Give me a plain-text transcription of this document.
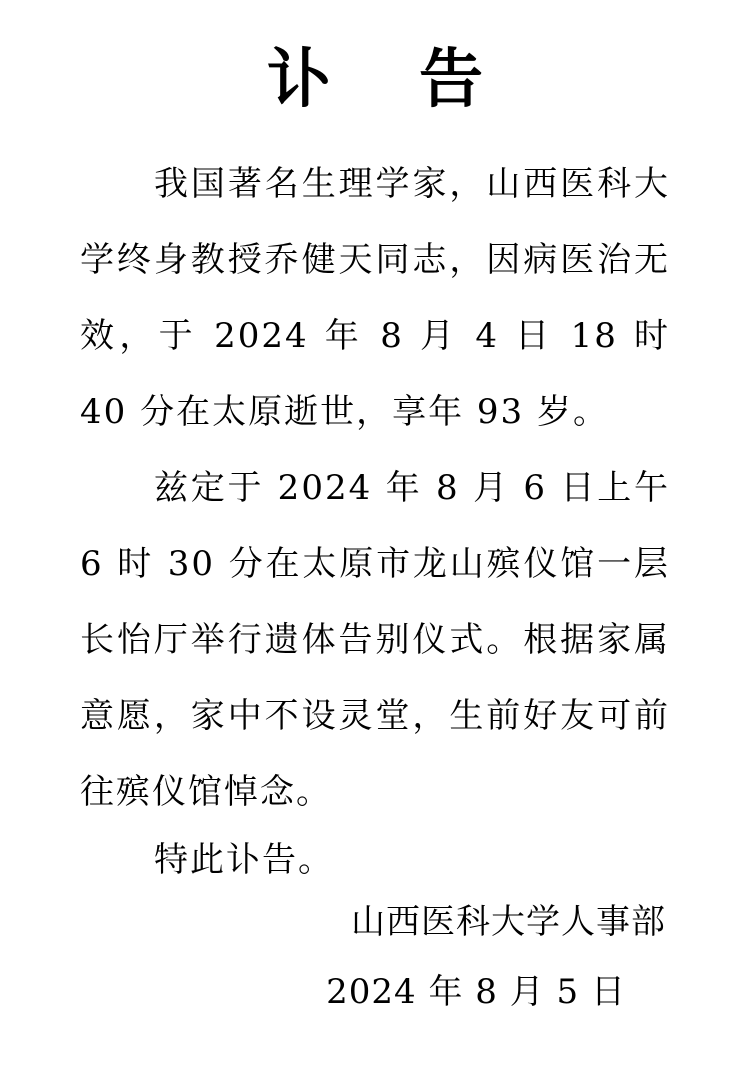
讣 告

我国著名生理学家，山西医科大学终身教授乔健天同志，因病医治无效，于 2024 年 8 月 4 日 18 时 40 分在太原逝世，享年 93 岁。

兹定于 2024 年 8 月 6 日上午 6 时 30 分在太原市龙山殡仪馆一层长怡厅举行遗体告别仪式。根据家属意愿，家中不设灵堂，生前好友可前往殡仪馆悼念。

特此讣告。
山西医科大学人事部
2024 年 8 月 5 日
